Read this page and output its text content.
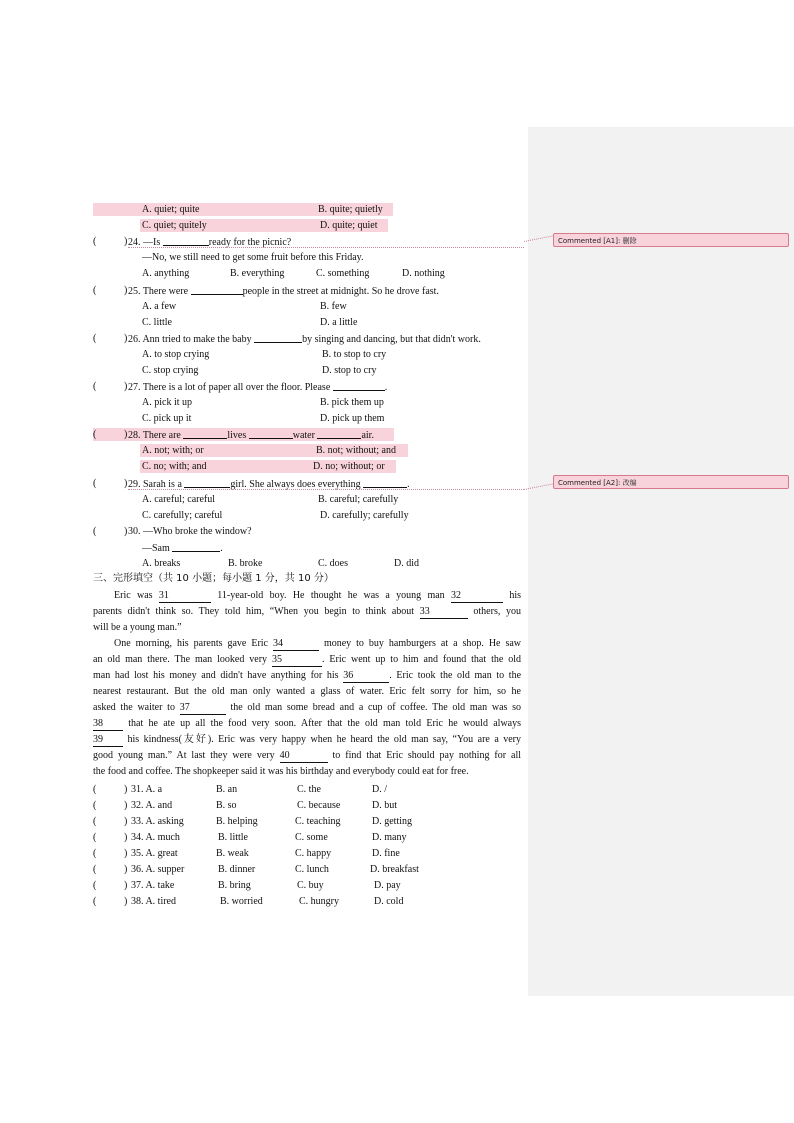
A. quiet; quite	B. quite; quietly
C. quiet; quitely	D. quite; quiet
(	) 24. —Is	ready for the picnic?
—No, we still need to get some fruit before this Friday.
A. anything	B. everything	C. something	D. nothing
(	) 25. There were	people in the street at midnight. So he drove fast.
A. a few	B. few
C. little	D. a little
(	) 26. Ann tried to make the baby	by singing and dancing, but that didn't work.
A. to stop crying	B. to stop to cry
C. stop crying	D. stop to cry
(	) 27. There is a lot of paper all over the floor. Please	.
A. pick it up	B. pick them up
C. pick up it	D. pick up them
(	) 28. There are	lives	water	air.
A. not; with; or	B. not; without; and
C. no; with; and	D. no; without; or
(	) 29. Sarah is a	girl. She always does everything	.
A. careful; careful	B. careful; carefully
C. carefully; careful	D. carefully; carefully
(	) 30. —Who broke the window?
—Sam	.
A. breaks	B. broke	C. does	D. did
三、完形填空（共 10 小题；每小题 1 分，共 10 分）
Eric was 31	11-year-old boy. He thought he was a young man 32	his
parents didn't think so. They told him, “When you begin to think about 33	others, you
will be a young man.”
One morning, his parents gave Eric 34	money to buy hamburgers at a shop. He saw
an old man there. The man looked very 35	. Eric went up to him and found that the old
man had lost his money and didn't have anything for his 36	. Eric took the old man to the
nearest restaurant. But the old man only wanted a glass of water. Eric felt sorry for him, so he
asked the waiter to 37	the old man some bread and a cup of coffee. The old man was so
38	that he ate up all the food very soon. After that the old man told Eric he would always
39 his kindness(友好). Eric was very happy when he heard the old man say, “You are a very
good young man.” At last they were very 40	to find that Eric should pay nothing for all
the food and coffee. The shopkeeper said it was his birthday and everybody could eat for free.
(	) 31. A. a	B. an	C. the	D. /
(	) 32. A. and	B. so	C. because	D. but
(	) 33. A. asking	B. helping	C. teaching	D. getting
(	) 34. A. much	B. little	C. some	D. many
(	) 35. A. great	B. weak	C. happy	D. fine
(	) 36. A. supper	B. dinner	C. lunch	D. breakfast
(	) 37. A. take	B. bring	C. buy	D. pay
(	) 38. A. tired	B. worried	C. hungry	D. cold
Commented [A1]: 删除
Commented [A2]: 改编
